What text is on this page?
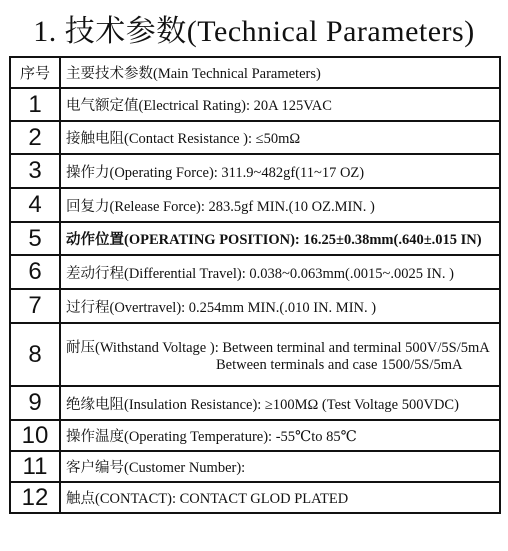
1. 技术参数(Technical Parameters)
序号	主要技术参数(Main Technical Parameters)
1	电气额定值(Electrical Rating): 20A 125VAC
2	接触电阻(Contact Resistance ): ≤50mΩ
3	操作力(Operating Force): 311.9~482gf(11~17 OZ)
4	回复力(Release Force): 283.5gf MIN.(10 OZ.MIN. )
5	动作位置(OPERATING POSITION): 16.25±0.38mm(.640±.015 IN)
6	差动行程(Differential Travel): 0.038~0.063mm(.0015~.0025 IN. )
7	过行程(Overtravel): 0.254mm MIN.(.010 IN. MIN. )
8	耐压(Withstand Voltage ): Between terminal and terminal 500V/5S/5mA
Between terminals and case 1500/5S/5mA

9	绝缘电阻(Insulation Resistance): ≥100MΩ (Test Voltage 500VDC)
10	操作温度(Operating Temperature): -55℃to 85℃
11	客户编号(Customer Number):
12	触点(CONTACT): CONTACT GLOD PLATED
